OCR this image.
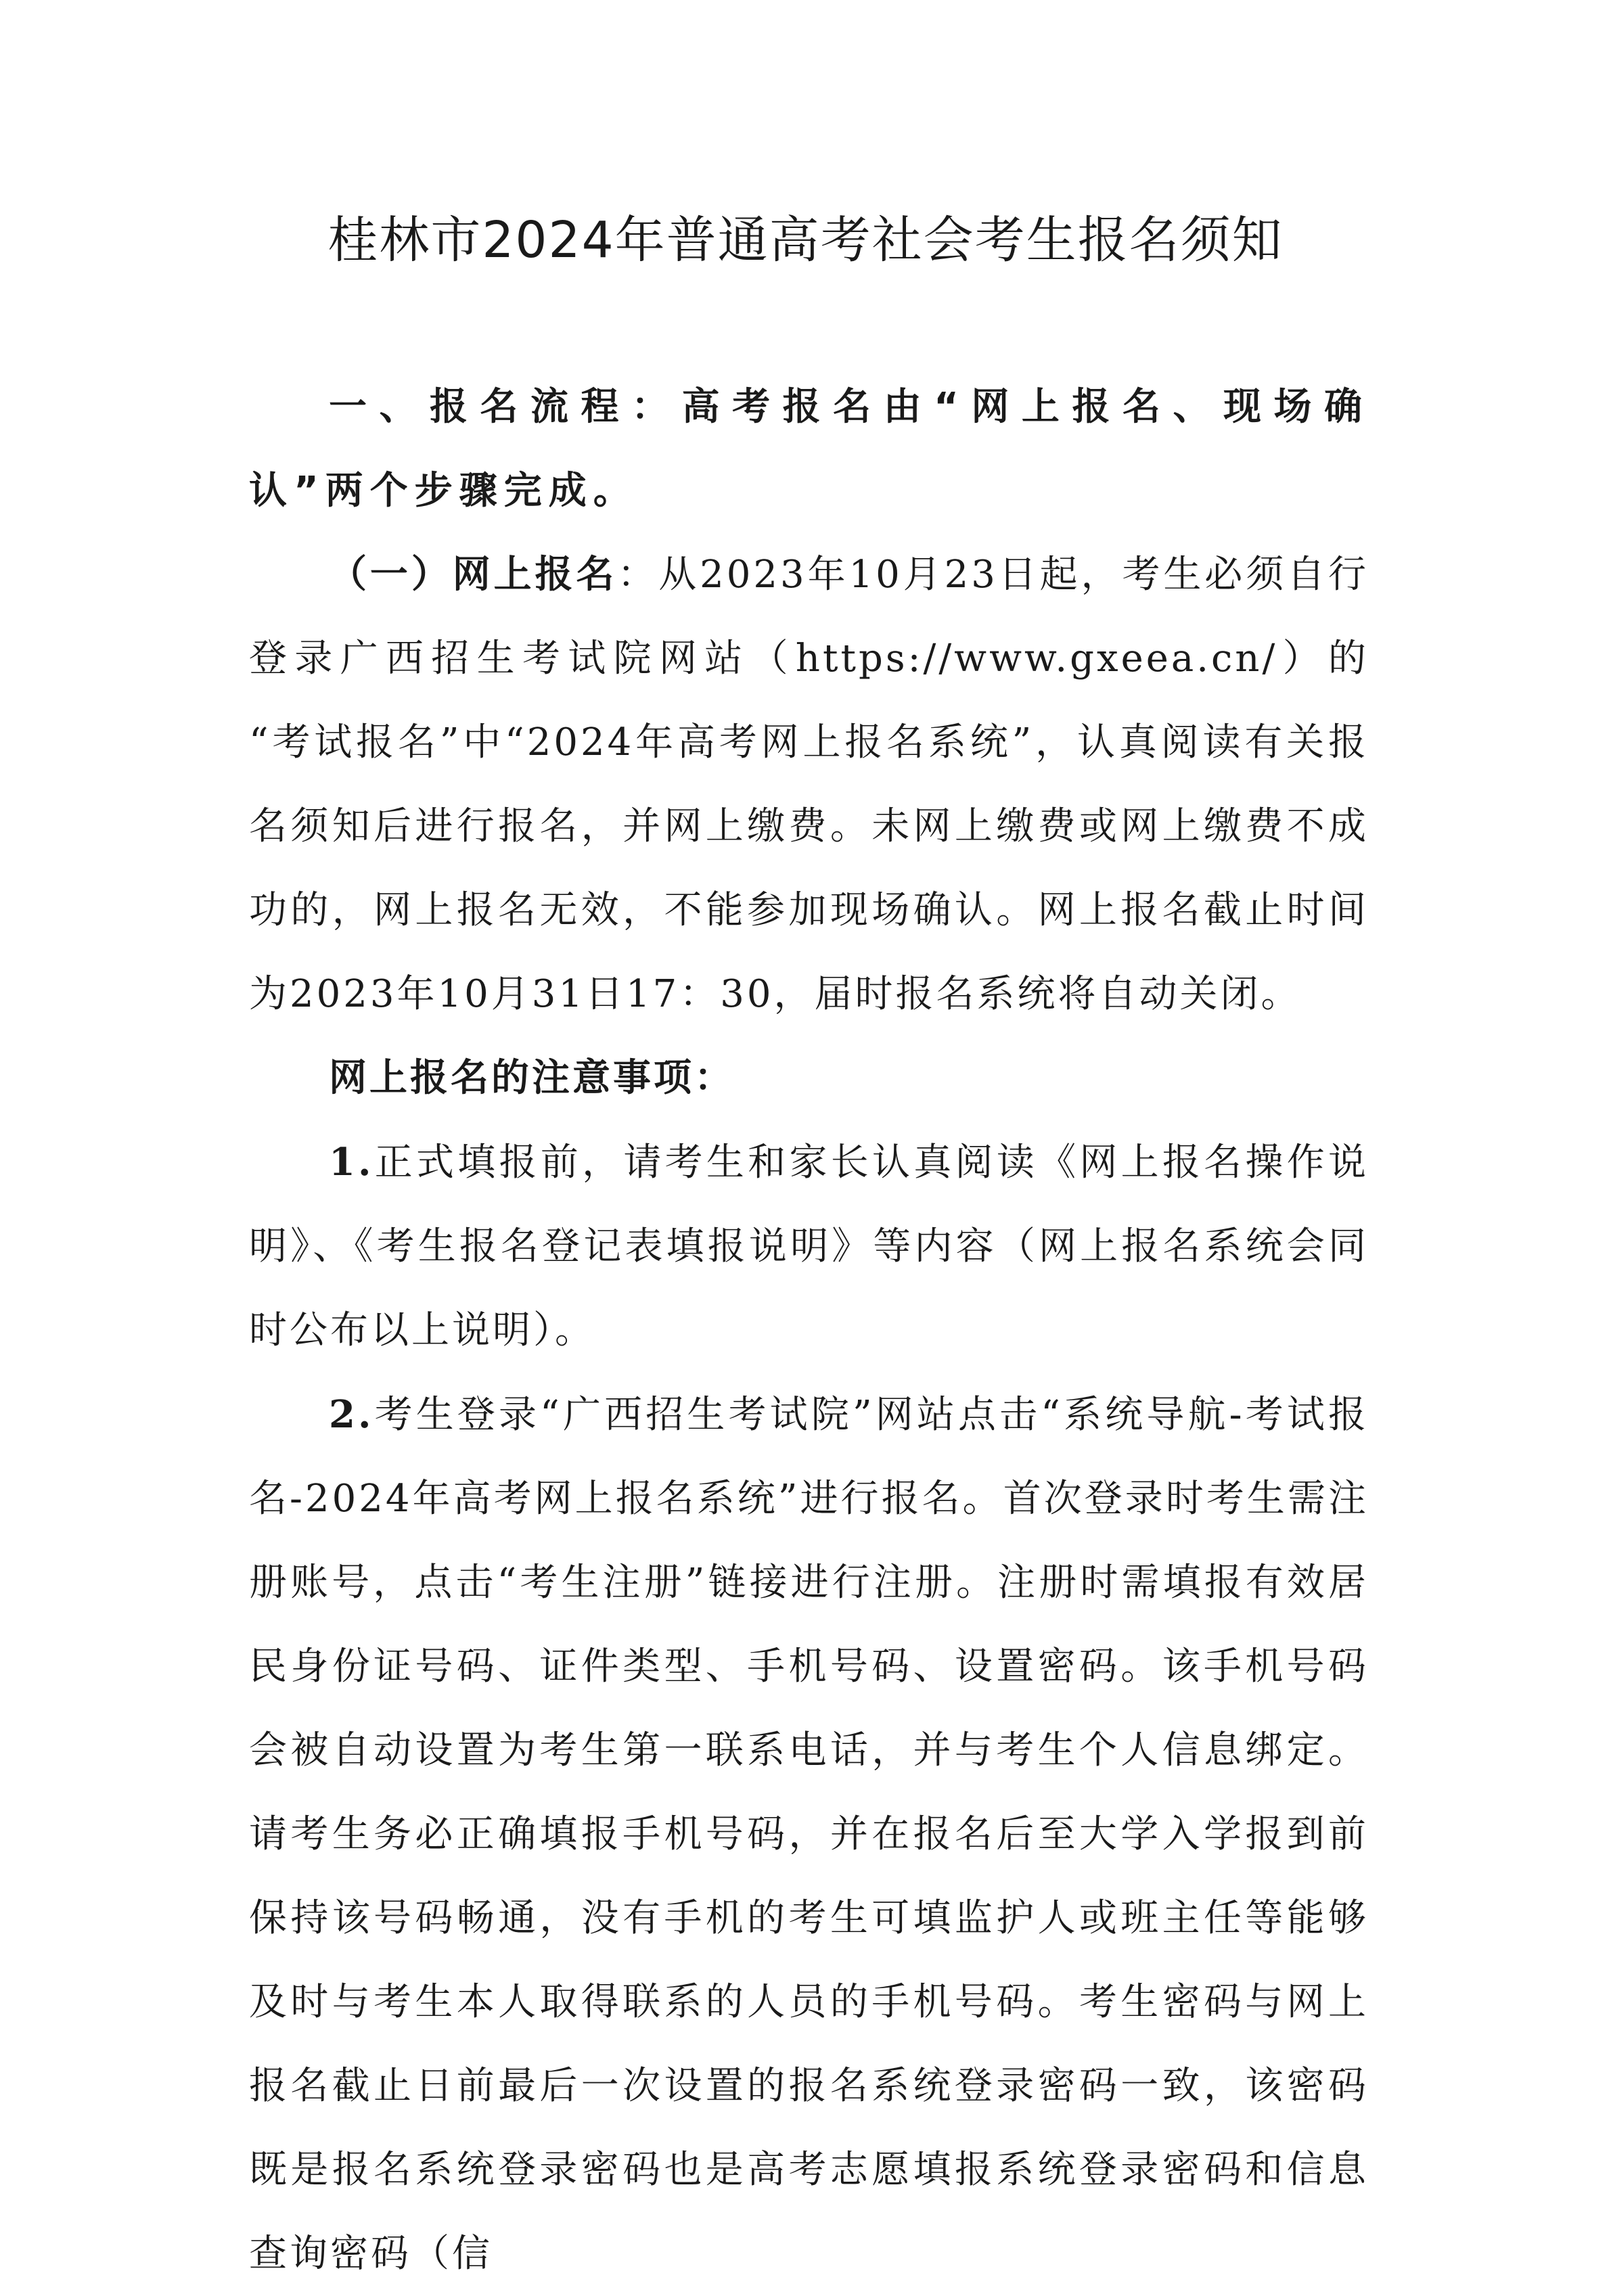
桂林市2024年普通高考社会考生报名须知

一、报名流程：高考报名由“网上报名、现场确认”两个步骤完成。

（一）网上报名：从2023年10月23日起，考生必须自行登录广西招生考试院网站（https://www.gxeea.cn/）的 “考试报名”中“2024年高考网上报名系统”，认真阅读有关报名须知后进行报名，并网上缴费。未网上缴费或网上缴费不成功的，网上报名无效，不能参加现场确认。网上报名截止时间为2023年10月31日17：30，届时报名系统将自动关闭。

网上报名的注意事项：

1.正式填报前，请考生和家长认真阅读《网上报名操作说明》、《考生报名登记表填报说明》等内容（网上报名系统会同时公布以上说明）。

2.考生登录“广西招生考试院”网站点击“系统导航-考试报名-2024年高考网上报名系统”进行报名。首次登录时考生需注册账号，点击“考生注册”链接进行注册。注册时需填报有效居民身份证号码、证件类型、手机号码、设置密码。该手机号码会被自动设置为考生第一联系电话，并与考生个人信息绑定。请考生务必正确填报手机号码，并在报名后至大学入学报到前保持该号码畅通，没有手机的考生可填监护人或班主任等能够及时与考生本人取得联系的人员的手机号码。考生密码与网上报名截止日前最后一次设置的报名系统登录密码一致，该密码既是报名系统登录密码也是高考志愿填报系统登录密码和信息查询密码（信
